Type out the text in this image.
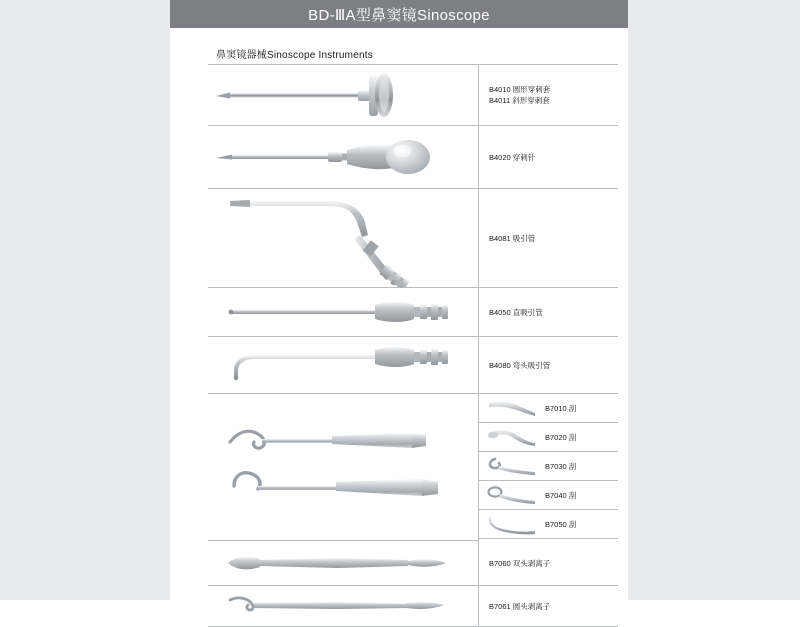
BD-ⅢA型鼻窦镜Sinoscope
鼻窦镜器械Sinoscope Instruments
B4010 圆形穿刺套
B4011 斜形穿刺套
B4020 穿刺针
B4081 吸引管
B4050 直吸引管
B4080 弯头吸引管
B7010 刮
B7020 刮
B7030 刮
B7040 刮
B7050 刮
B7060 双头剥离子
B7061 圆头剥离子
